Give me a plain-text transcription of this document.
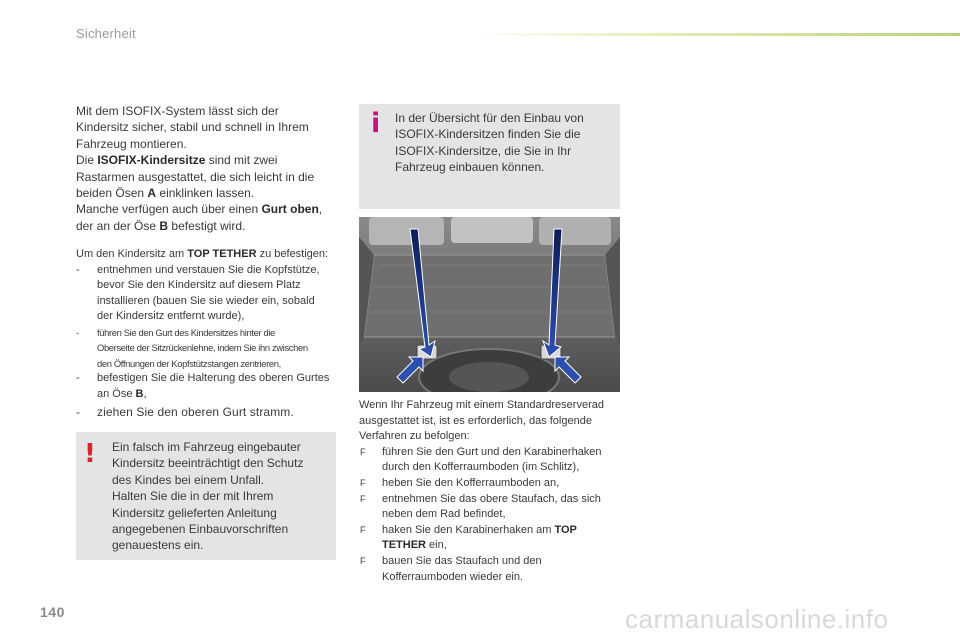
Sicherheit

Mit dem ISOFIX-System lässt sich der

Kindersitz sicher, stabil und schnell in Ihrem

Fahrzeug montieren.

Die ISOFIX-Kindersitze sind mit zwei

Rastarmen ausgestattet, die sich leicht in die

beiden Ösen A einklinken lassen.

Manche verfügen auch über einen Gurt oben,

der an der Öse B befestigt wird.

Um den Kindersitz am TOP TETHER zu befestigen:

- entnehmen und verstauen Sie die Kopfstütze,
bevor Sie den Kindersitz auf diesem Platz
installieren (bauen Sie sie wieder ein, sobald
der Kindersitz entfernt wurde),
- führen Sie den Gurt des Kindersitzes hinter die
Oberseite der Sitzrückenlehne, indem Sie ihn zwischen
den Öffnungen der Kopfstützstangen zentrieren,
- befestigen Sie die Halterung des oberen Gurtes
an Öse B,
- ziehen Sie den oberen Gurt stramm.
! Ein falsch im Fahrzeug eingebauter
Kindersitz beeinträchtigt den Schutz
des Kindes bei einem Unfall.
Halten Sie die in der mit Ihrem
Kindersitz gelieferten Anleitung
angegebenen Einbauvorschriften
genauestens ein.
i In der Übersicht für den Einbau von
ISOFIX-Kindersitzen finden Sie die
ISOFIX-Kindersitze, die Sie in Ihr
Fahrzeug einbauen können.

Wenn Ihr Fahrzeug mit einem Standardreserverad

ausgestattet ist, ist es erforderlich, das folgende

Verfahren zu befolgen:

F führen Sie den Gurt und den Karabinerhaken
durch den Kofferraumboden (im Schlitz),
F heben Sie den Kofferraumboden an,
F entnehmen Sie das obere Staufach, das sich
neben dem Rad befindet,
F haken Sie den Karabinerhaken am TOP
TETHER ein,
F bauen Sie das Staufach und den
Kofferraumboden wieder ein.
140	carmanualsonline.info
